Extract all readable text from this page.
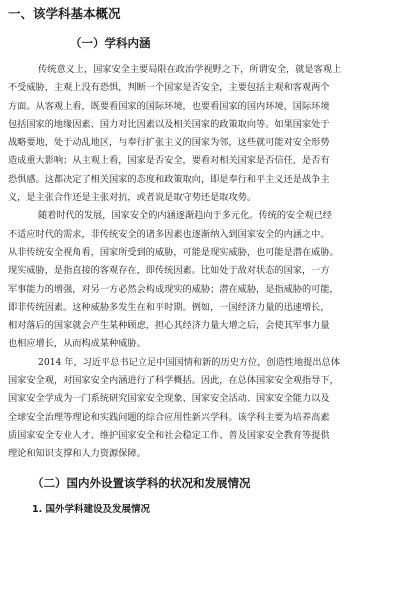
一、该学科基本概况
（一）学科内涵

传统意义上，国家安全主要局限在政治学视野之下，所谓安全，就是客观上
不受威胁，主观上没有恐惧，判断一个国家是否安全，主要包括主观和客观两个
方面。从客观上看，既要看国家的国际环境，也要看国家的国内环境，国际环境
包括国家的地缘因素、国力对比因素以及相关国家的政策取向等。如果国家处于
战略要地，处于动乱地区，与奉行扩张主义的国家为邻，这些就可能对安全形势
造成重大影响；从主观上看，国家是否安全，要看对相关国家是否信任，是否有
恐惧感。这都决定了相关国家的态度和政策取向，即是奉行和平主义还是战争主
义，是主张合作还是主张对抗，或者说是取守势还是取攻势。

随着时代的发展，国家安全的内涵逐渐趋向于多元化。传统的安全观已经
不适应时代的需求，非传统安全的诸多因素也逐渐纳入到国家安全的内涵之中。
从非传统安全视角看，国家所受到的威胁，可能是现实威胁，也可能是潜在威胁。
现实威胁，是指直接的客观存在，即传统因素。比如处于敌对状态的国家，一方
军事能力的增强，对另一方必然会构成现实的威胁；潜在威胁，是指威胁的可能，
即非传统因素。这种威胁多发生在和平时期。例如，一国经济力量的迅速增长，
相对落后的国家就会产生某种顾虑，担心其经济力量大增之后，会使其军事力量
也相应增长，从而构成某种威胁。

2014 年，习近平总书记立足中国国情和新的历史方位，创造性地提出总体
国家安全观，对国家安全内涵进行了科学概括。因此，在总体国家安全观指导下，
国家安全学成为一门系统研究国家安全现象、国家安全活动、国家安全能力以及
全球安全治理等理论和实践问题的综合应用性新兴学科。该学科主要为培养高素
质国家安全专业人才、维护国家安全和社会稳定工作、普及国家安全教育等提供
理论和知识支撑和人力资源保障。

（二）国内外设置该学科的状况和发展情况
1. 国外学科建设及发展情况
